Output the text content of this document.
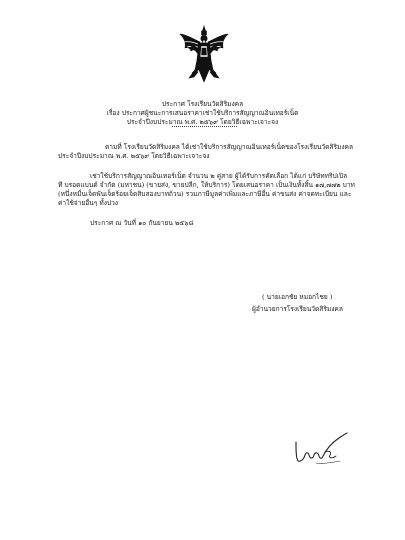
ประกาศ โรงเรียนวัดสิริมงคล
เรื่อง ประกาศผู้ชนะการเสนอราคาเช่าใช้บริการสัญญาณอินเทอร์เน็ต
ประจำปีงบประมาณ พ.ศ. ๒๕๖๙ โดยวิธีเฉพาะเจาะจง
ตามที่ โรงเรียนวัดสิริมงคล ได้เช่าใช้บริการสัญญาณอินเทอร์เน็ตของโรงเรียนวัดสิริมงคล
ประจำปีงบประมาณ พ.ศ. ๒๕๖๙ โดยวิธีเฉพาะเจาะจง
เช่าใช้บริการสัญญาณอินเทอร์เน็ต จำนวน ๒ คู่สาย ผู้ได้รับการคัดเลือก ได้แก่ บริษัททริปเปิล
ที บรอดแบนด์ จำกัด (มหาชน) (ขายส่ง, ขายปลีก, ให้บริการ) โดยเสนอราคา เป็นเงินทั้งสิ้น ๑๗,๗๗๒ บาท
(หนึ่งหมื่นเจ็ดพันเจ็ดร้อยเจ็ดสิบสองบาทถ้วน) รวมภาษีมูลค่าเพิ่มและภาษีอื่น ค่าขนส่ง ค่าจดทะเบียน และ
ค่าใช้จ่ายอื่นๆ ทั้งปวง
ประกาศ ณ วันที่ ๑๐ กันยายน ๒๕๖๘
( นายเอกชัย หมอกไชย )
ผู้อำนวยการโรงเรียนวัดสิริมงคล
